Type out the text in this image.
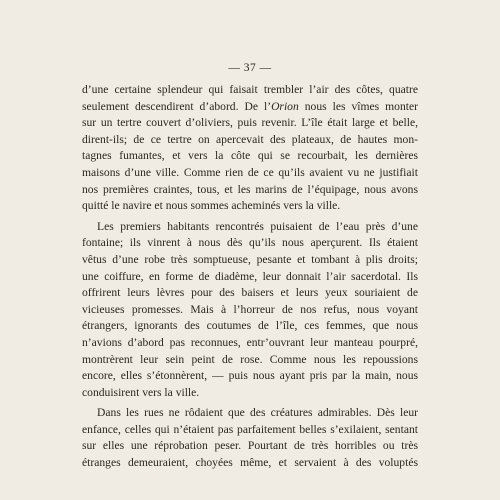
— 37 —
d’une certaine splendeur qui faisait trembler l’air des côtes, quatre
seulement descendirent d’abord. De l’Orion nous les vîmes monter
sur un tertre couvert d’oliviers, puis revenir. L’île était large et belle,
dirent-ils; de ce tertre on apercevait des plateaux, de hautes mon-
tagnes fumantes, et vers la côte qui se recourbait, les dernières
maisons d’une ville. Comme rien de ce qu’ils avaient vu ne justifiait
nos premières craintes, tous, et les marins de l’équipage, nous avons
quitté le navire et nous sommes acheminés vers la ville.
Les premiers habitants rencontrés puisaient de l’eau près d’une
fontaine; ils vinrent à nous dès qu’ils nous aperçurent. Ils étaient
vêtus d’une robe très somptueuse, pesante et tombant à plis droits;
une coiffure, en forme de diadème, leur donnait l’air sacerdotal. Ils
offrirent leurs lèvres pour des baisers et leurs yeux souriaient de
vicieuses promesses. Mais à l’horreur de nos refus, nous voyant
étrangers, ignorants des coutumes de l’île, ces femmes, que nous
n’avions d’abord pas reconnues, entr’ouvrant leur manteau pourpré,
montrèrent leur sein peint de rose. Comme nous les repoussions
encore, elles s’étonnèrent, — puis nous ayant pris par la main, nous
conduisirent vers la ville.
Dans les rues ne rôdaient que des créatures admirables. Dès leur
enfance, celles qui n’étaient pas parfaitement belles s’exilaient, sentant
sur elles une réprobation peser. Pourtant de très horribles ou très
étranges demeuraient, choyées même, et servaient à des voluptés
